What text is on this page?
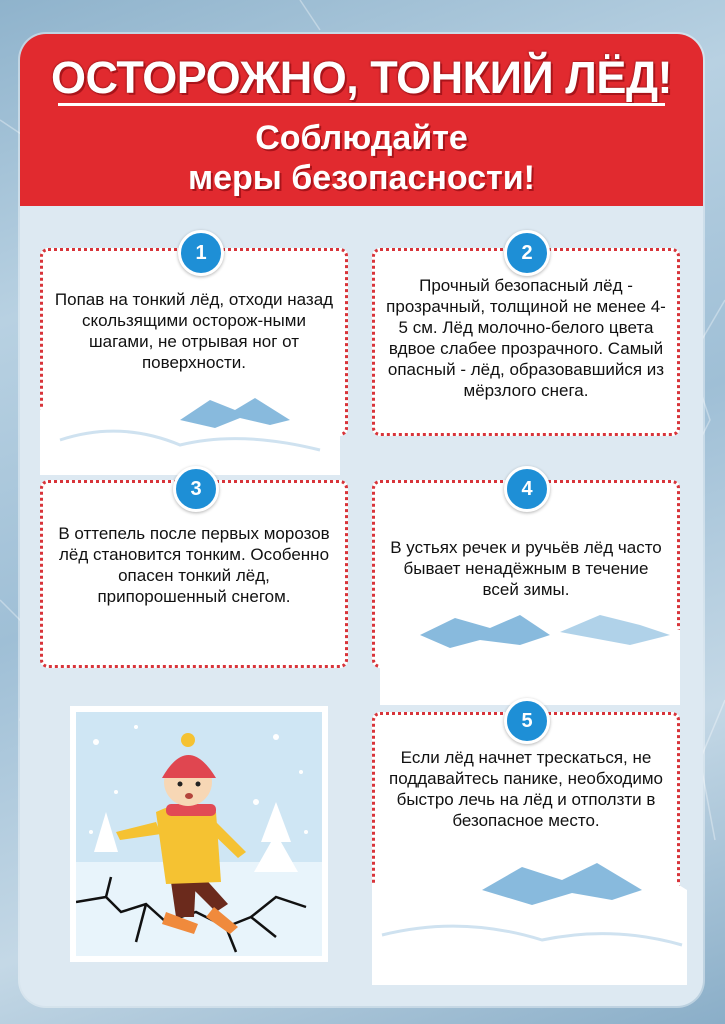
ОСТОРОЖНО, ТОНКИЙ ЛЁД!
Соблюдайте
меры безопасности!
1
Попав на тонкий лёд, отходи назад скользящими осторож-ными шагами, не отрывая ног от поверхности.
2
Прочный безопасный лёд - прозрачный, толщиной не менее 4-5 см. Лёд молочно-белого цвета вдвое слабее прозрачного. Самый опасный - лёд, образовавшийся из мёрзлого снега.
3
В оттепель после первых морозов лёд становится тонким. Особенно опасен тонкий лёд, припорошенный снегом.
4
В устьях речек и ручьёв лёд часто бывает ненадёжным в течение всей зимы.
5
Если лёд начнет трескаться, не поддавайтесь панике, необходимо быстро лечь на лёд и отползти в безопасное место.
